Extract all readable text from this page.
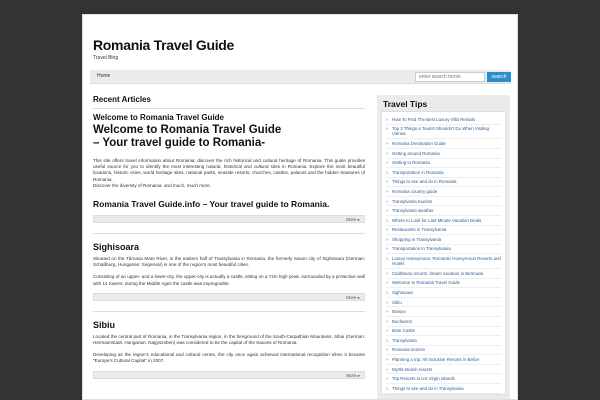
Romania Travel Guide
Travel Blog
Home
enter search terms	search
Recent Articles
Welcome to Romania Travel Guide
Welcome to Romania Travel Guide
– Your travel guide to Romania-

This site offers travel information about Romania; discover the rich historical and cultural heritage of Romania. This guide provides useful source for you to identify the most interesting natural, historical and cultural sites in Romania. Explore the most beautiful locations, historic cities, world heritage sites, national parks, seaside resorts, churches, castles, palaces and the hidden treasures of Romania.
Discover the diversity of Romania, and much, much more.

Romania Travel Guide.info – Your travel guide to Romania.
More ▸
Sighisoara

Situated on the Târnava Mare River, in the eastern half of Transylvania in Romania, the formerly Saxon city of Sighisoara (German: Schäßburg, Hungarian: Segesvár) is one of the region's most beautiful cities.

Consisting of an upper- and a lower-city, the upper-city is actually a castle, sitting on a 72m high peak, surrounded by a protective wall with 14 towers; during the Middle Ages the castle was impregnable.

More ▸
Sibiu

Located the central part of Romania, in the Transylvania region, in the foreground of the South-Carpathian Mountains, Sibiu (German: Hermannstadt, Hungarian: Nagyszeben) was considered to be the capital of the Saxons of Romania.

Developing as the region's educational and cultural centre, the city once again achieved international recognition when it became "Europe's Cultural Capital" in 2007.

More ▸
Travel Tips
» How To Find The Best Luxury Villa Rentals
» Top 3 Things a Tourist Shouldn't Do When Visiting Vienna
» Romania Destination Guide
» Getting around Romania
» Getting to Romania
» Transportation in Romania
» Things to see and do in Romania
» Romania country guide
» Transylvania tourism
» Transylvania weather
» Where to Look for Last Minute Vacation Deals
» Restaurants in Transylvania
» Shopping in Transylvania
» Transportation in Transylvania
» Luxury Honeymoon: Romantic Honeymoon Resorts and Hotels
» Caribbean resorts: dream vacation in Bermuda
» Welcome to Romania Travel Guide
» Sighisoara
» Sibiu
» Brasov
» Bucharest
» Bran Castle
» Transylvania
» Romania tourism
» Planning a trip: All Inclusive Resorts in Belize
» Myrtle Beach resorts
» Top Resorts in US Virgin Islands
» Things to see and do in Transylvania
